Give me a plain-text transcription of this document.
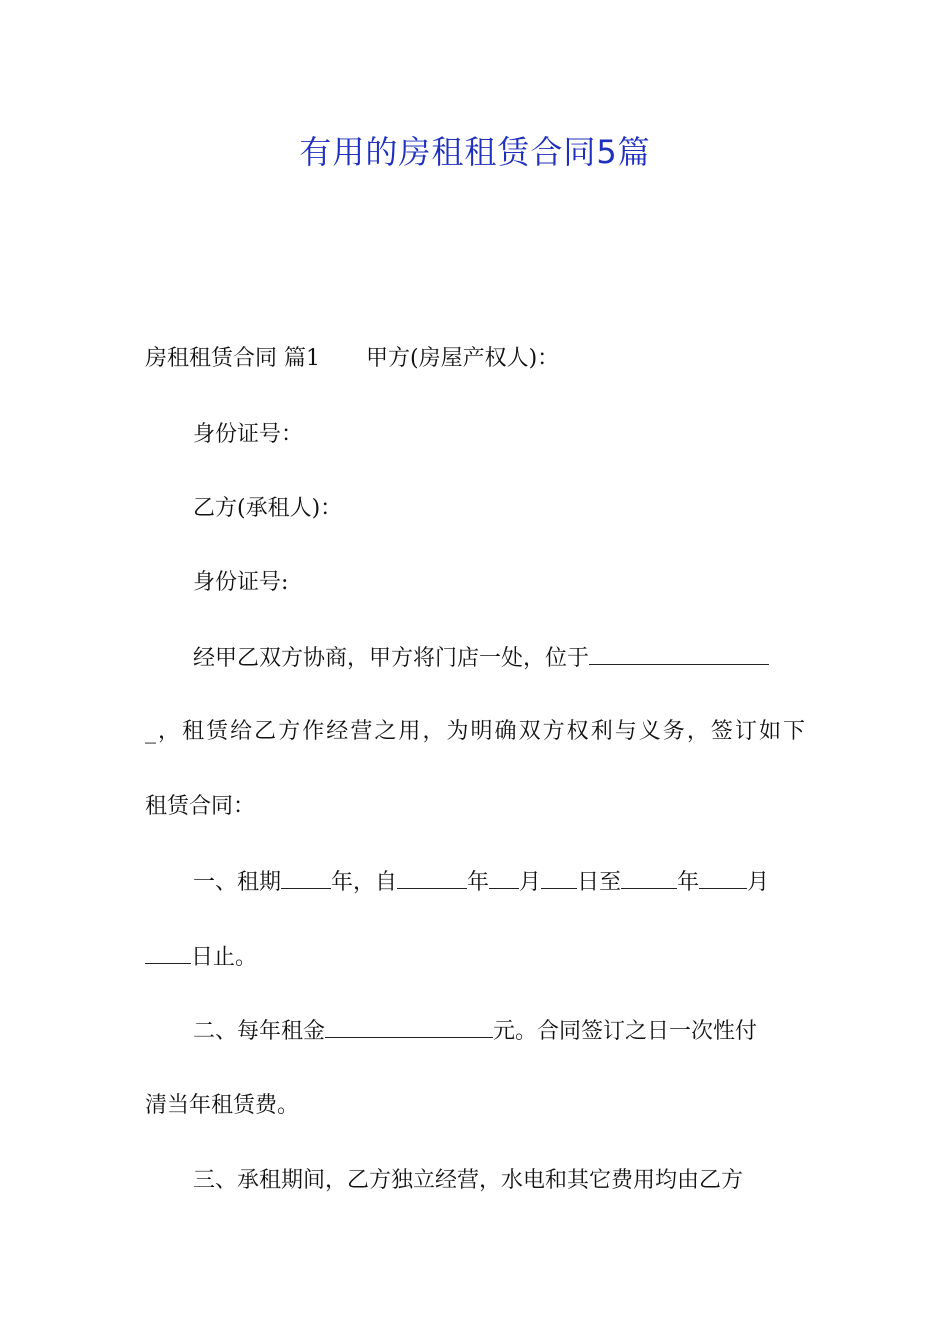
有用的房租租赁合同5篇
房租租赁合同 篇1 甲方(房屋产权人)：
身份证号：
乙方(承租人)：
身份证号:
经甲乙双方协商，甲方将门店一处，位于
_，租赁给乙方作经营之用，为明确双方权利与义务，签订如下
租赁合同：
一、租期 年，自	年 月 日至	年 月
日止。
二、每年租金	元。合同签订之日一次性付
清当年租赁费。
三、承租期间，乙方独立经营，水电和其它费用均由乙方
